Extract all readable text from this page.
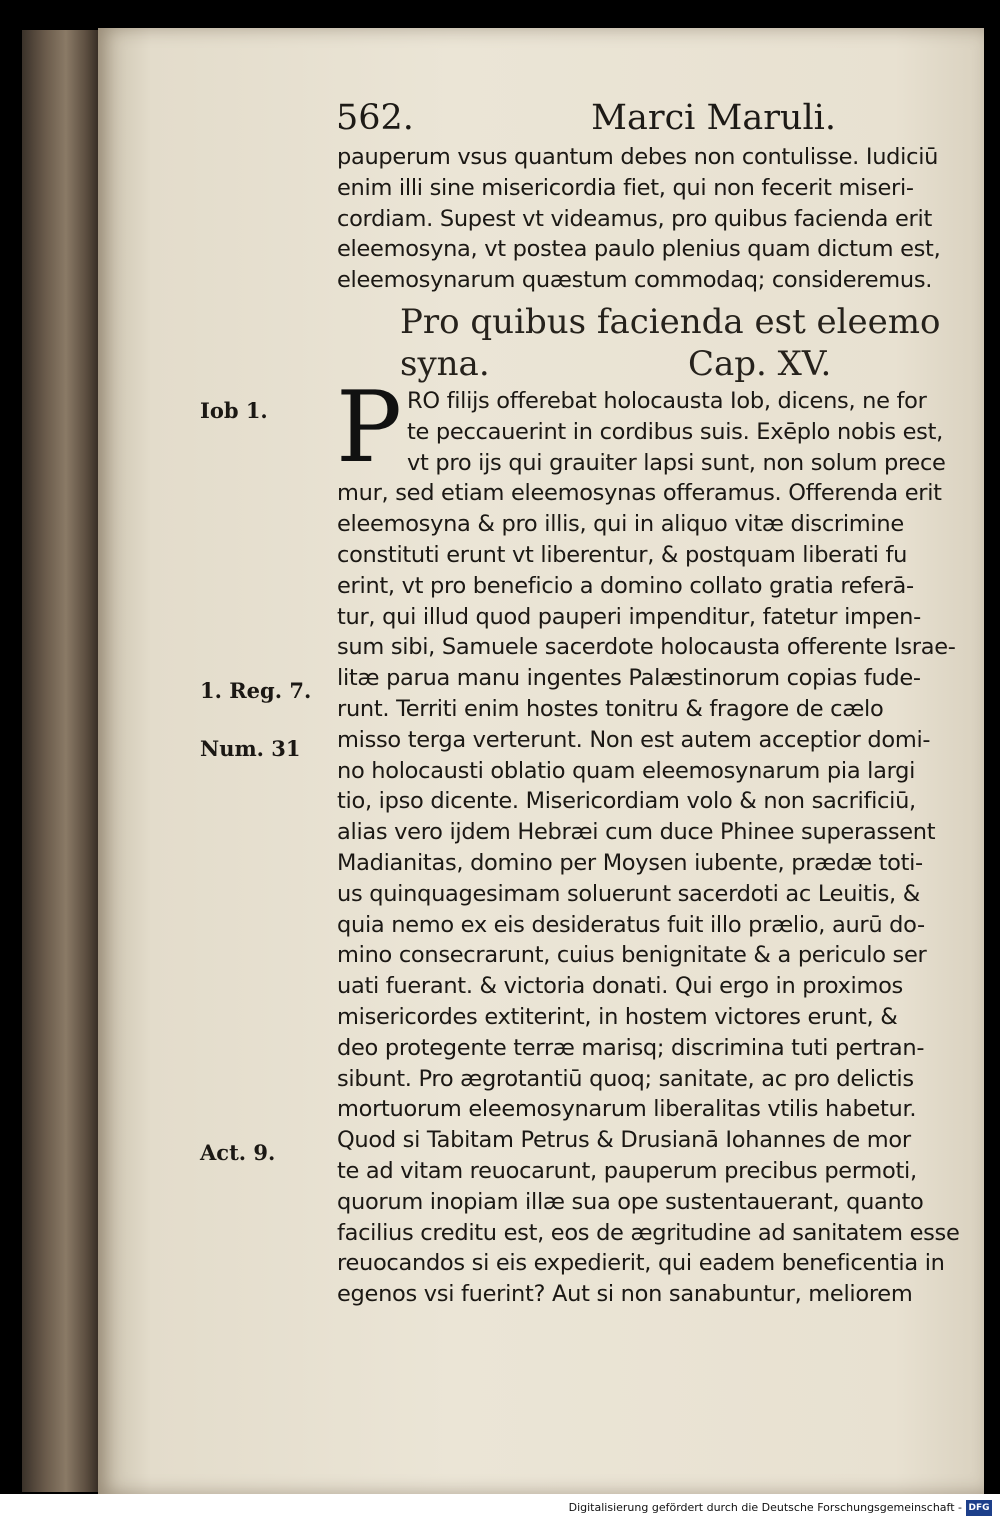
562.	Marci Maruli.
pauperum vsus quantum debes non contulisse. Iudiciū
enim illi sine misericordia fiet, qui non fecerit miseri-
cordiam. Supest vt videamus, pro quibus facienda erit
eleemosyna, vt postea paulo plenius quam dictum est,
eleemosynarum quæstum commodaq; consideremus.
Pro quibus facienda est eleemo
syna.	Cap. XV.
P RO filijs offerebat holocausta Iob, dicens, ne for
te peccauerint in cordibus suis. Exēplo nobis est,
vt pro ijs qui grauiter lapsi sunt, non solum prece
mur, sed etiam eleemosynas offeramus. Offerenda erit
eleemosyna & pro illis, qui in aliquo vitæ discrimine
constituti erunt vt liberentur, & postquam liberati fu
erint, vt pro beneficio a domino collato gratia referā-
tur, qui illud quod pauperi impenditur, fatetur impen-
sum sibi, Samuele sacerdote holocausta offerente Israe-
litæ parua manu ingentes Palæstinorum copias fude-
runt. Territi enim hostes tonitru & fragore de cælo
misso terga verterunt. Non est autem acceptior domi-
no holocausti oblatio quam eleemosynarum pia largi
tio, ipso dicente. Misericordiam volo & non sacrificiū,
alias vero ijdem Hebræi cum duce Phinee superassent
Madianitas, domino per Moysen iubente, prædæ toti-
us quinquagesimam soluerunt sacerdoti ac Leuitis, &
quia nemo ex eis desideratus fuit illo prælio, aurū do-
mino consecrarunt, cuius benignitate & a periculo ser
uati fuerant. & victoria donati. Qui ergo in proximos
misericordes extiterint, in hostem victores erunt, &
deo protegente terræ marisq; discrimina tuti pertran-
sibunt. Pro ægrotantiū quoq; sanitate, ac pro delictis
mortuorum eleemosynarum liberalitas vtilis habetur.
Quod si Tabitam Petrus & Drusianā Iohannes de mor
te ad vitam reuocarunt, pauperum precibus permoti,
quorum inopiam illæ sua ope sustentauerant, quanto
facilius creditu est, eos de ægritudine ad sanitatem esse
reuocandos si eis expedierit, qui eadem beneficentia in
egenos vsi fuerint? Aut si non sanabuntur, meliorem
Iob 1.
1. Reg. 7.
Num. 31
Act. 9.
Digitalisierung gefördert durch die Deutsche Forschungsgemeinschaft - DFG
